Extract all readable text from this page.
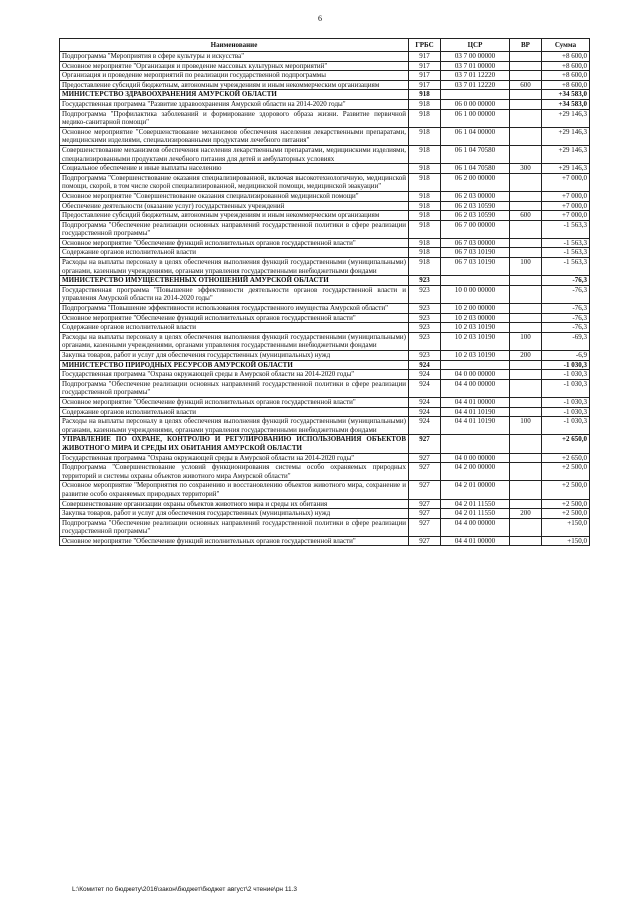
6
Наименование	ГРБС	ЦСР	ВР	Сумма
Подпрограмма "Мероприятия в сфере культуры и искусства"	917	03 7 00 00000		+8 600,0
Основное мероприятие "Организация и проведение массовых культурных мероприятий"	917	03 7 01 00000		+8 600,0
Организация и проведение мероприятий по реализации государственной подпрограммы	917	03 7 01 12220		+8 600,0
Предоставление субсидий бюджетным, автономным учреждениям и иным некоммерческим организациям	917	03 7 01 12220	600	+8 600,0
МИНИСТЕРСТВО ЗДРАВООХРАНЕНИЯ АМУРСКОЙ ОБЛАСТИ	918			+34 583,0
Государственная программа "Развитие здравоохранения Амурской области на 2014-2020 годы"	918	06 0 00 00000		+34 583,0
Подпрограмма "Профилактика заболеваний и формирование здорового образа жизни. Развитие первичной медико-санитарной помощи"	918	06 1 00 00000		+29 146,3
Основное мероприятие "Совершенствование механизмов обеспечения населения лекарственными препаратами, медицинскими изделиями, специализированными продуктами лечебного питания"	918	06 1 04 00000		+29 146,3
Совершенствование механизмов обеспечения населения лекарственными препаратами, медицинскими изделиями, специализированными продуктами лечебного питания для детей и амбулаторных условиях	918	06 1 04 70580		+29 146,3
Социальное обеспечение и иные выплаты населению	918	06 1 04 70580	300	+29 146,3
Подпрограмма "Совершенствование оказания специализированной, включая высокотехнологичную, медицинской помощи, скорой, в том числе скорой специализированной, медицинской помощи, медицинской эвакуации"	918	06 2 00 00000		+7 000,0
Основное мероприятие "Совершенствование оказания специализированной медицинской помощи"	918	06 2 03 00000		+7 000,0
Обеспечение деятельности (оказание услуг) государственных учреждений	918	06 2 03 10590		+7 000,0
Предоставление субсидий бюджетным, автономным учреждениям и иным некоммерческим организациям	918	06 2 03 10590	600	+7 000,0
Подпрограмма "Обеспечение реализации основных направлений государственной политики в сфере реализации государственной программы"	918	06 7 00 00000		-1 563,3
Основное мероприятие "Обеспечение функций исполнительных органов государственной власти"	918	06 7 03 00000		-1 563,3
Содержание органов исполнительной власти	918	06 7 03 10190		-1 563,3
Расходы на выплаты персоналу в целях обеспечения выполнения функций государственными (муниципальными) органами, казенными учреждениями, органами управления государственными внебюджетными фондами	918	06 7 03 10190	100	-1 563,3
МИНИСТЕРСТВО ИМУЩЕСТВЕННЫХ ОТНОШЕНИЙ АМУРСКОЙ ОБЛАСТИ	923			-76,3
Государственная программа "Повышение эффективности деятельности органов государственной власти и управления Амурской области на 2014-2020 годы"	923	10 0 00 00000		-76,3
Подпрограмма "Повышение эффективности использования государственного имущества Амурской области"	923	10 2 00 00000		-76,3
Основное мероприятие "Обеспечение функций исполнительных органов государственной власти"	923	10 2 03 00000		-76,3
Содержание органов исполнительной власти	923	10 2 03 10190		-76,3
Расходы на выплаты персоналу в целях обеспечения выполнения функций государственными (муниципальными) органами, казенными учреждениями, органами управления государственными внебюджетными фондами	923	10 2 03 10190	100	-69,3
Закупка товаров, работ и услуг для обеспечения государственных (муниципальных) нужд	923	10 2 03 10190	200	-6,9
МИНИСТЕРСТВО ПРИРОДНЫХ РЕСУРСОВ АМУРСКОЙ ОБЛАСТИ	924			-1 030,3
Государственная программа "Охрана окружающей среды в Амурской области на 2014-2020 годы"	924	04 0 00 00000		-1 030,3
Подпрограмма "Обеспечение реализации основных направлений государственной политики в сфере реализации государственной программы"	924	04 4 00 00000		-1 030,3
Основное мероприятие "Обеспечение функций исполнительных органов государственной власти"	924	04 4 01 00000		-1 030,3
Содержание органов исполнительной власти	924	04 4 01 10190		-1 030,3
Расходы на выплаты персоналу в целях обеспечения выполнения функций государственными (муниципальными) органами, казенными учреждениями, органами управления государственными внебюджетными фондами	924	04 4 01 10190	100	-1 030,3
УПРАВЛЕНИЕ ПО ОХРАНЕ, КОНТРОЛЮ И РЕГУЛИРОВАНИЮ ИСПОЛЬЗОВАНИЯ ОБЪЕКТОВ ЖИВОТНОГО МИРА И СРЕДЫ ИХ ОБИТАНИЯ АМУРСКОЙ ОБЛАСТИ	927			+2 650,0
Государственная программа "Охрана окружающей среды в Амурской области на 2014-2020 годы"	927	04 0 00 00000		+2 650,0
Подпрограмма "Совершенствование условий функционирования системы особо охраняемых природных территорий и системы охраны объектов животного мира Амурской области"	927	04 2 00 00000		+2 500,0
Основное мероприятие "Мероприятия по сохранению и восстановлению объектов животного мира, сохранение и развитие особо охраняемых природных территорий"	927	04 2 01 00000		+2 500,0
Совершенствование организации охраны объектов животного мира и среды их обитания	927	04 2 01 11550		+2 500,0
Закупка товаров, работ и услуг для обеспечения государственных (муниципальных) нужд	927	04 2 01 11550	200	+2 500,0
Подпрограмма "Обеспечение реализации основных направлений государственной политики в сфере реализации государственной программы"	927	04 4 00 00000		+150,0
Основное мероприятие "Обеспечение функций исполнительных органов государственной власти"	927	04 4 01 00000		+150,0
L:\Комитет по бюджету\2016\закон\бюджет\бюджет август\2 чтение\рн 11.3
